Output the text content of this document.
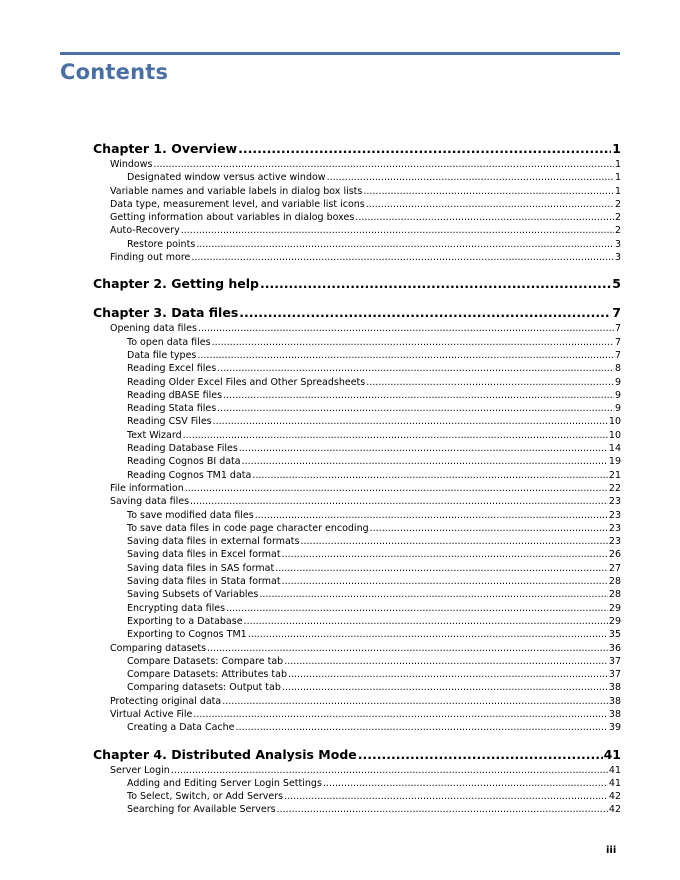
Contents
Chapter 1. Overview .....	1
Windows .....	1
Designated window versus active window .....	1
Variable names and variable labels in dialog box lists .....	1
Data type, measurement level, and variable list icons .....	2
Getting information about variables in dialog boxes .....	2
Auto-Recovery .....	2
Restore points .....	3
Finding out more .....	3
Chapter 2. Getting help .....	5
Chapter 3. Data files .....	7
Opening data files .....	7
To open data files .....	7
Data file types .....	7
Reading Excel files .....	8
Reading Older Excel Files and Other Spreadsheets .....	9
Reading dBASE files .....	9
Reading Stata files .....	9
Reading CSV Files .....	10
Text Wizard .....	10
Reading Database Files .....	14
Reading Cognos BI data .....	19
Reading Cognos TM1 data .....	21
File information .....	22
Saving data files .....	23
To save modified data files .....	23
To save data files in code page character encoding .....	23
Saving data files in external formats .....	23
Saving data files in Excel format .....	26
Saving data files in SAS format .....	27
Saving data files in Stata format .....	28
Saving Subsets of Variables .....	28
Encrypting data files .....	29
Exporting to a Database .....	29
Exporting to Cognos TM1 .....	35
Comparing datasets .....	36
Compare Datasets: Compare tab .....	37
Compare Datasets: Attributes tab .....	37
Comparing datasets: Output tab .....	38
Protecting original data .....	38
Virtual Active File .....	38
Creating a Data Cache .....	39
Chapter 4. Distributed Analysis Mode .....	41
Server Login .....	41
Adding and Editing Server Login Settings .....	41
To Select, Switch, or Add Servers .....	42
Searching for Available Servers .....	42
iii
